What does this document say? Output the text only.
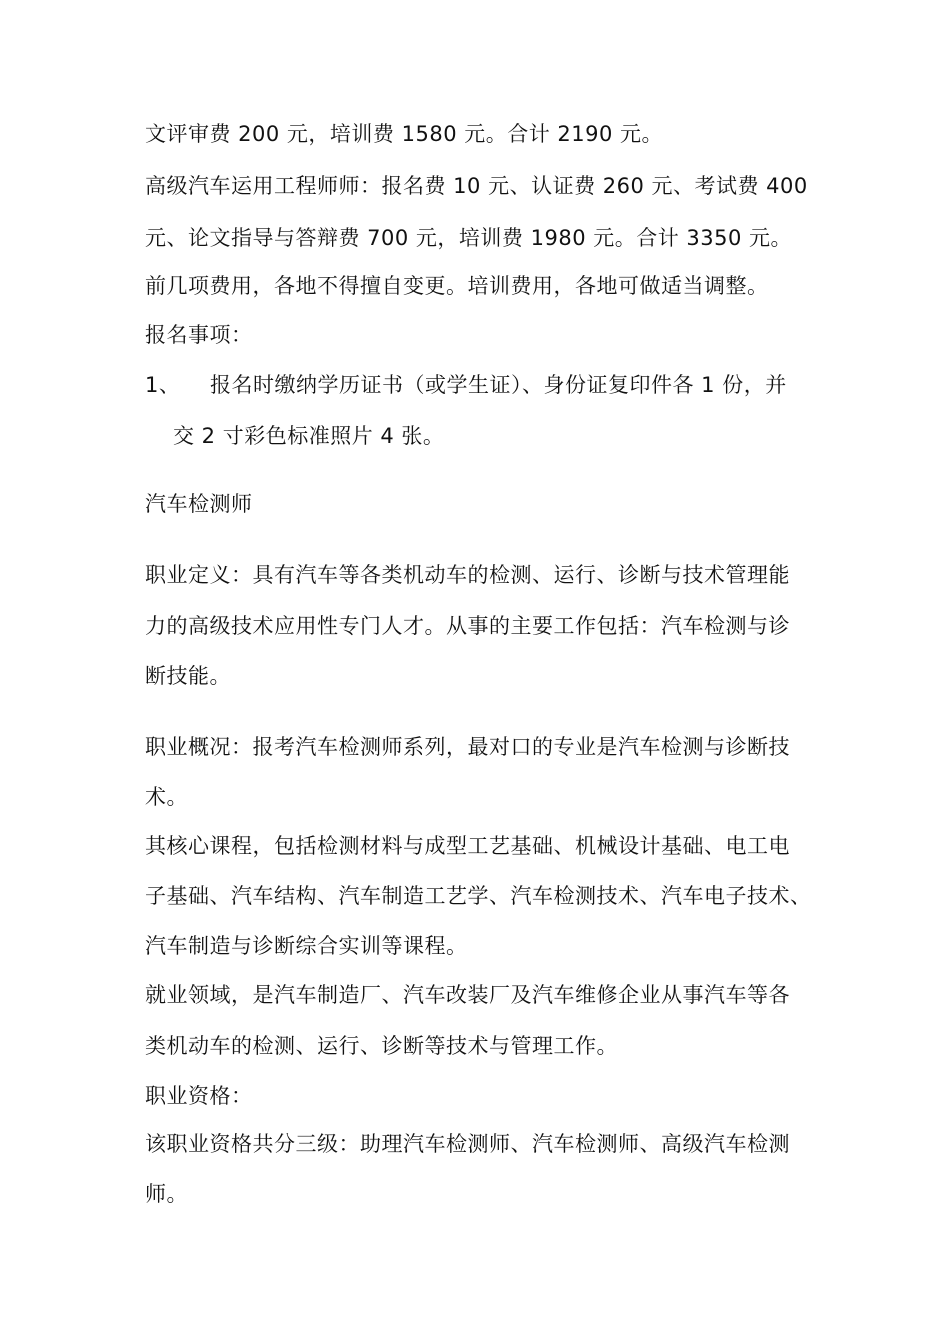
文评审费 200 元，培训费 1580 元。合计 2190 元。
高级汽车运用工程师师：报名费 10 元、认证费 260 元、考试费 400
元、论文指导与答辩费 700 元，培训费 1980 元。合计 3350 元。
前几项费用，各地不得擅自变更。培训费用，各地可做适当调整。
报名事项：
1、 报名时缴纳学历证书（或学生证）、身份证复印件各 1 份，并
交 2 寸彩色标准照片 4 张。
汽车检测师
职业定义：具有汽车等各类机动车的检测、运行、诊断与技术管理能
力的高级技术应用性专门人才。从事的主要工作包括：汽车检测与诊
断技能。
职业概况：报考汽车检测师系列，最对口的专业是汽车检测与诊断技
术。
其核心课程，包括检测材料与成型工艺基础、机械设计基础、电工电
子基础、汽车结构、汽车制造工艺学、汽车检测技术、汽车电子技术、
汽车制造与诊断综合实训等课程。
就业领域，是汽车制造厂、汽车改装厂及汽车维修企业从事汽车等各
类机动车的检测、运行、诊断等技术与管理工作。
职业资格：
该职业资格共分三级：助理汽车检测师、汽车检测师、高级汽车检测
师。
